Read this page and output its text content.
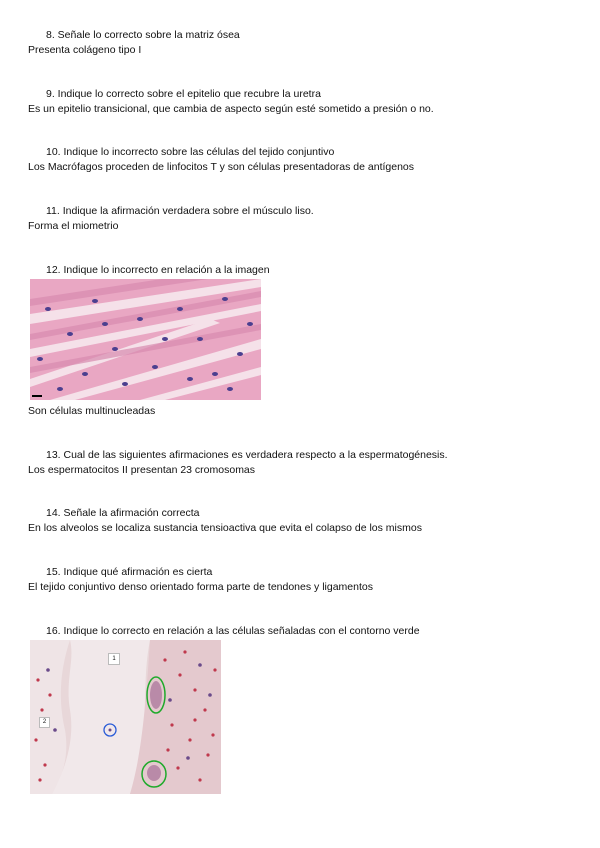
8. Señale lo correcto sobre la matriz ósea
Presenta colágeno tipo I
9. Indique lo correcto sobre el epitelio que recubre la uretra
Es un epitelio transicional, que cambia de aspecto según esté sometido a presión o no.
10. Indique lo incorrecto sobre las células del tejido conjuntivo
Los Macrófagos proceden de linfocitos T y son células presentadoras de antígenos
11. Indique la afirmación verdadera sobre el músculo liso.
Forma el miometrio
12. Indique lo incorrecto en relación a la imagen
Son células multinucleadas
13. Cual de las siguientes afirmaciones es verdadera respecto a la espermatogénesis.
Los espermatocitos II presentan 23 cromosomas
14. Señale la afirmación correcta
En los alveolos se localiza sustancia tensioactiva que evita el colapso de los mismos
15. Indique qué afirmación es cierta
El tejido conjuntivo denso orientado forma parte de tendones y ligamentos
16. Indique lo correcto en relación a las células señaladas con el contorno verde
1
2
